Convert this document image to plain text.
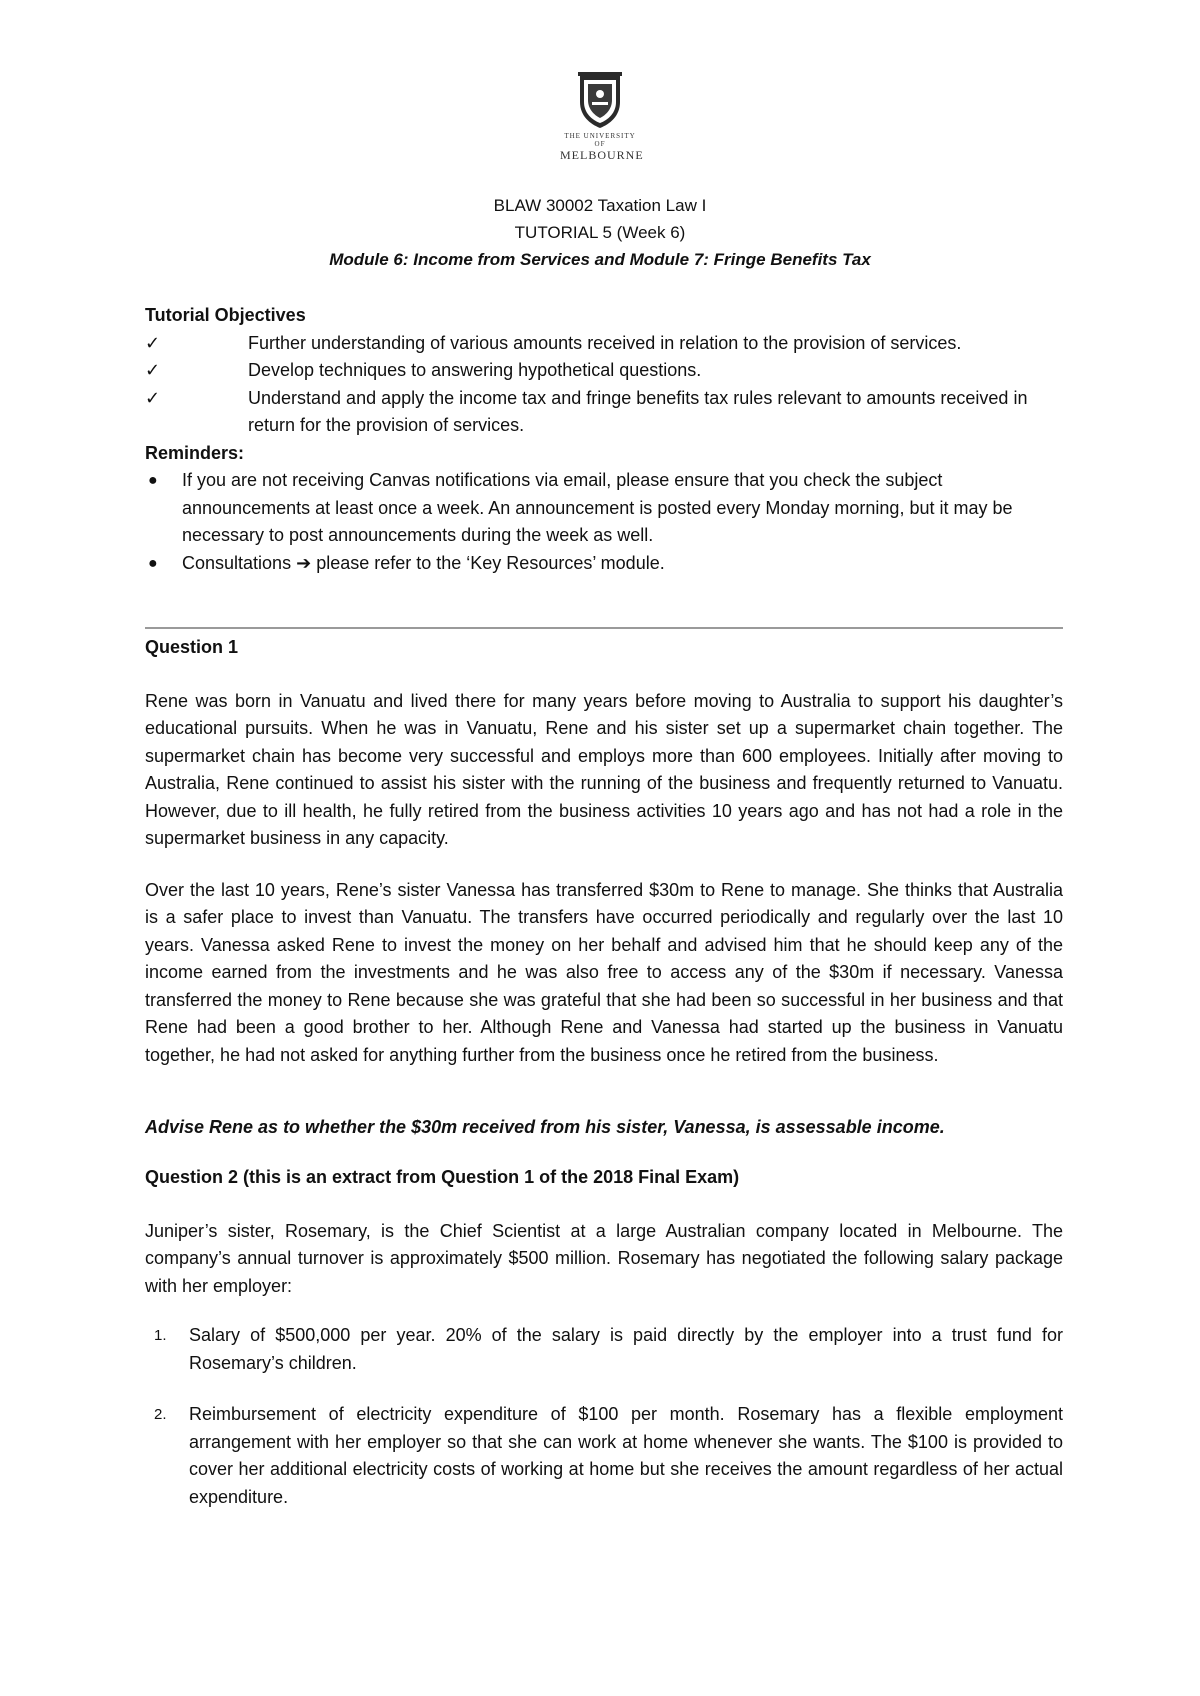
THE UNIVERSITY OF
MELBOURNE
BLAW 30002 Taxation Law I
TUTORIAL 5 (Week 6)
Module 6: Income from Services and Module 7: Fringe Benefits Tax
Tutorial Objectives
✓	Further understanding of various amounts received in relation to the provision of services.
✓	Develop techniques to answering hypothetical questions.
✓	Understand and apply the income tax and fringe benefits tax rules relevant to amounts received in return for the provision of services.
Reminders:
● If you are not receiving Canvas notifications via email, please ensure that you check the subject announcements at least once a week. An announcement is posted every Monday morning, but it may be necessary to post announcements during the week as well.
● Consultations ➔ please refer to the ‘Key Resources’ module.
Question 1

Rene was born in Vanuatu and lived there for many years before moving to Australia to support his daughter’s educational pursuits. When he was in Vanuatu, Rene and his sister set up a supermarket chain together. The supermarket chain has become very successful and employs more than 600 employees. Initially after moving to Australia, Rene continued to assist his sister with the running of the business and frequently returned to Vanuatu. However, due to ill health, he fully retired from the business activities 10 years ago and has not had a role in the supermarket business in any capacity.

Over the last 10 years, Rene’s sister Vanessa has transferred $30m to Rene to manage. She thinks that Australia is a safer place to invest than Vanuatu. The transfers have occurred periodically and regularly over the last 10 years. Vanessa asked Rene to invest the money on her behalf and advised him that he should keep any of the income earned from the investments and he was also free to access any of the $30m if necessary. Vanessa transferred the money to Rene because she was grateful that she had been so successful in her business and that Rene had been a good brother to her. Although Rene and Vanessa had started up the business in Vanuatu together, he had not asked for anything further from the business once he retired from the business.

Advise Rene as to whether the $30m received from his sister, Vanessa, is assessable income.
Question 2 (this is an extract from Question 1 of the 2018 Final Exam)

Juniper’s sister, Rosemary, is the Chief Scientist at a large Australian company located in Melbourne. The company’s annual turnover is approximately $500 million. Rosemary has negotiated the following salary package with her employer:

1. Salary of $500,000 per year. 20% of the salary is paid directly by the employer into a trust fund for Rosemary’s children.
2. Reimbursement of electricity expenditure of $100 per month. Rosemary has a flexible employment arrangement with her employer so that she can work at home whenever she wants. The $100 is provided to cover her additional electricity costs of working at home but she receives the amount regardless of her actual expenditure.
